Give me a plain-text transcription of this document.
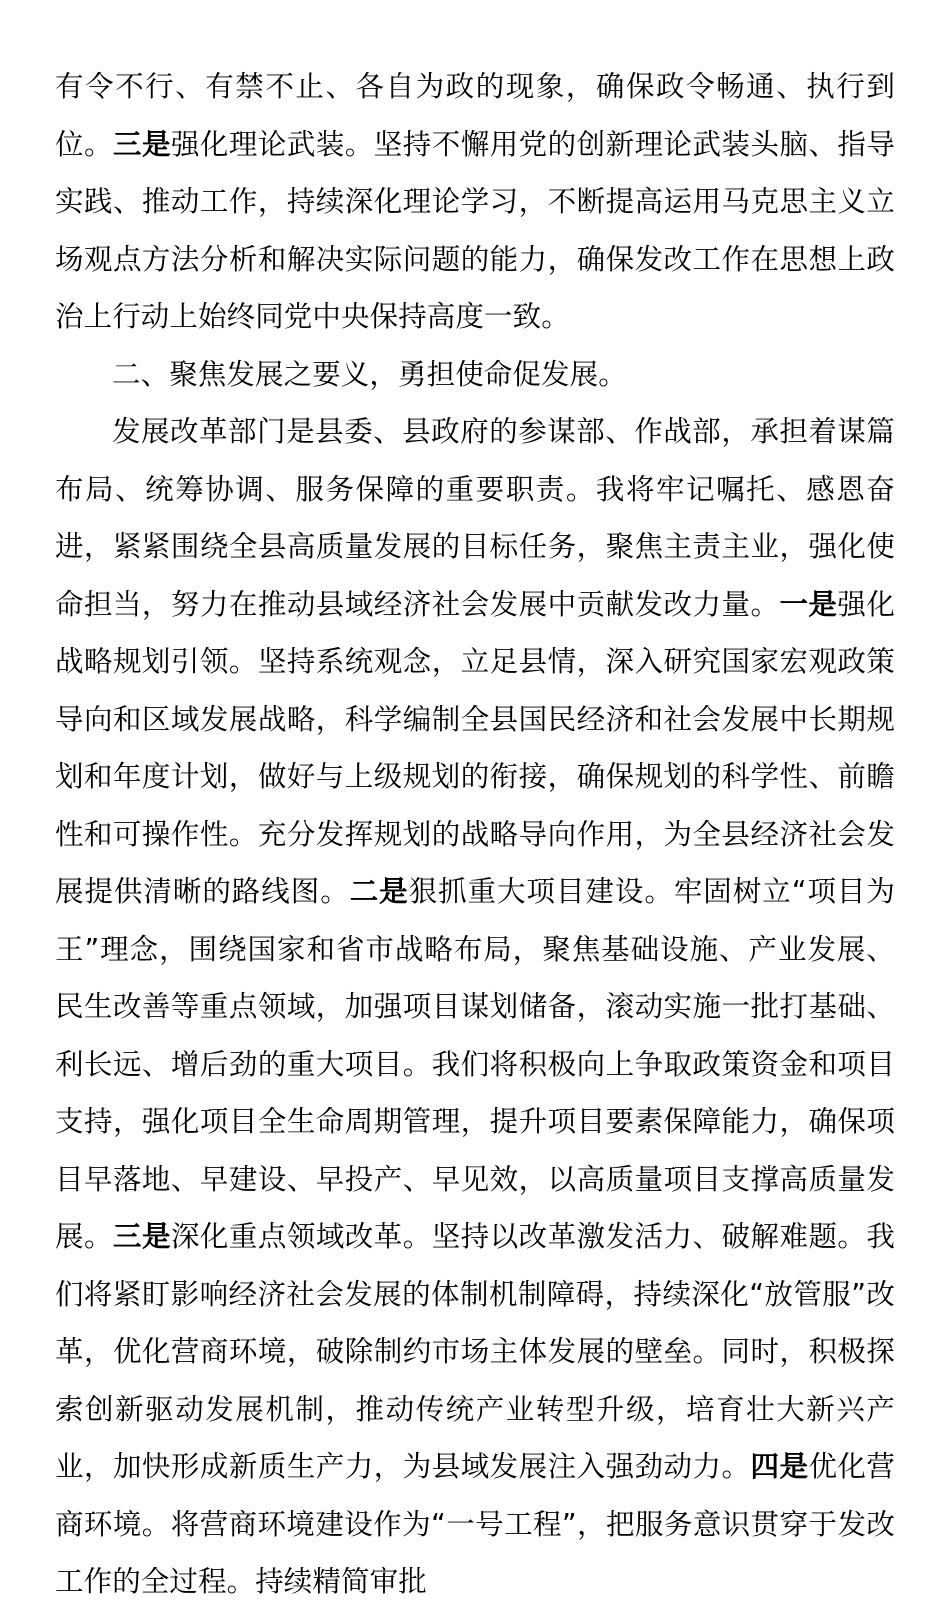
有令不行、有禁不止、各自为政的现象，确保政令畅通、执行到位。三是强化理论武装。坚持不懈用党的创新理论武装头脑、指导实践、推动工作，持续深化理论学习，不断提高运用马克思主义立场观点方法分析和解决实际问题的能力，确保发改工作在思想上政治上行动上始终同党中央保持高度一致。

二、聚焦发展之要义，勇担使命促发展。

发展改革部门是县委、县政府的参谋部、作战部，承担着谋篇布局、统筹协调、服务保障的重要职责。我将牢记嘱托、感恩奋进，紧紧围绕全县高质量发展的目标任务，聚焦主责主业，强化使命担当，努力在推动县域经济社会发展中贡献发改力量。一是强化战略规划引领。坚持系统观念，立足县情，深入研究国家宏观政策导向和区域发展战略，科学编制全县国民经济和社会发展中长期规划和年度计划，做好与上级规划的衔接，确保规划的科学性、前瞻性和可操作性。充分发挥规划的战略导向作用，为全县经济社会发展提供清晰的路线图。二是狠抓重大项目建设。牢固树立“项目为王”理念，围绕国家和省市战略布局，聚焦基础设施、产业发展、民生改善等重点领域，加强项目谋划储备，滚动实施一批打基础、利长远、增后劲的重大项目。我们将积极向上争取政策资金和项目支持，强化项目全生命周期管理，提升项目要素保障能力，确保项目早落地、早建设、早投产、早见效，以高质量项目支撑高质量发展。三是深化重点领域改革。坚持以改革激发活力、破解难题。我们将紧盯影响经济社会发展的体制机制障碍，持续深化“放管服”改革，优化营商环境，破除制约市场主体发展的壁垒。同时，积极探索创新驱动发展机制，推动传统产业转型升级，培育壮大新兴产业，加快形成新质生产力，为县域发展注入强劲动力。四是优化营商环境。将营商环境建设作为“一号工程”，把服务意识贯穿于发改工作的全过程。持续精简审批
